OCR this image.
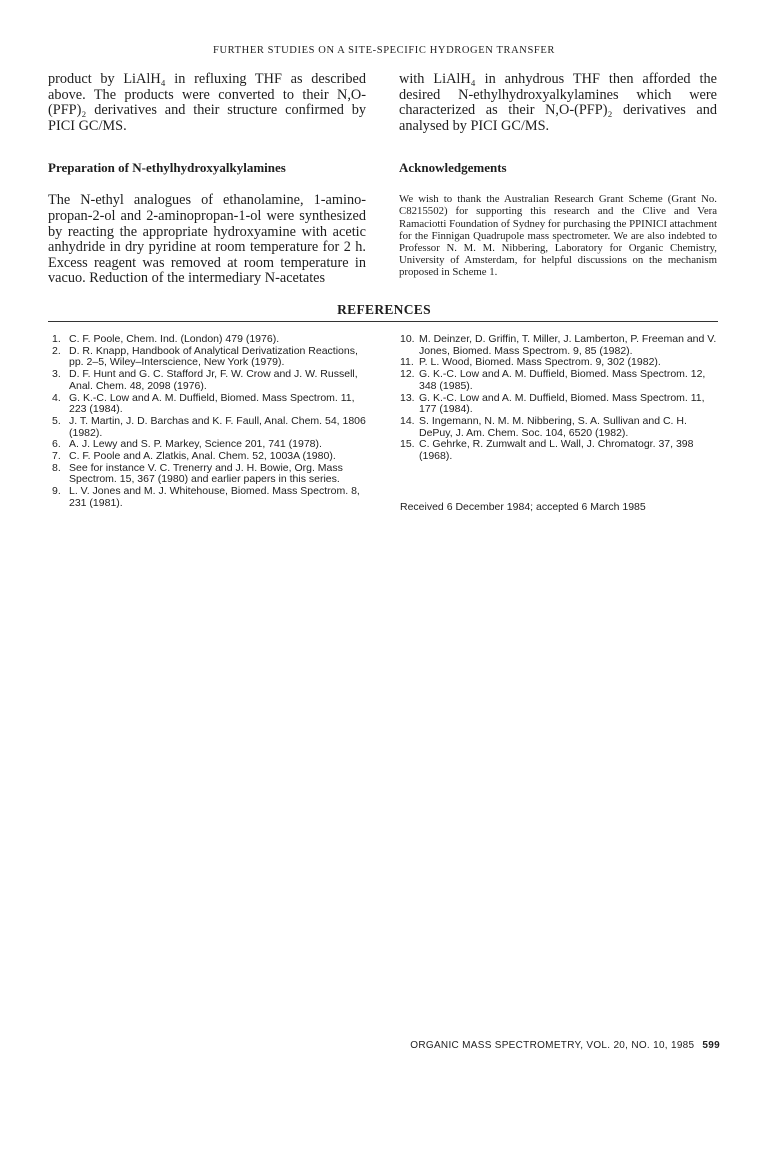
FURTHER STUDIES ON A SITE-SPECIFIC HYDROGEN TRANSFER

product by LiAlH₄ in refluxing THF as described above. The products were converted to their N,O-(PFP)₂ derivatives and their structure confirmed by PICI GC/MS.

Preparation of N-ethylhydroxyalkylamines

The N-ethyl analogues of ethanolamine, 1-amino-propan-2-ol and 2-aminopropan-1-ol were synthesized by reacting the appropriate hydroxyamine with acetic anhydride in dry pyridine at room temperature for 2 h. Excess reagent was removed at room temperature in vacuo. Reduction of the intermediary N-acetates

with LiAlH₄ in anhydrous THF then afforded the desired N-ethylhydroxyalkylamines which were characterized as their N,O-(PFP)₂ derivatives and analysed by PICI GC/MS.

Acknowledgements

We wish to thank the Australian Research Grant Scheme (Grant No. C8215502) for supporting this research and the Clive and Vera Ramaciotti Foundation of Sydney for purchasing the PPINICI attachment for the Finnigan Quadrupole mass spectrometer. We are also indebted to Professor N. M. M. Nibbering, Laboratory for Organic Chemistry, University of Amsterdam, for helpful discussions on the mechanism proposed in Scheme 1.

REFERENCES
1. C. F. Poole, Chem. Ind. (London) 479 (1976).
2. D. R. Knapp, Handbook of Analytical Derivatization Reactions, pp. 2–5, Wiley–Interscience, New York (1979).
3. D. F. Hunt and G. C. Stafford Jr, F. W. Crow and J. W. Russell, Anal. Chem. 48, 2098 (1976).
4. G. K.-C. Low and A. M. Duffield, Biomed. Mass Spectrom. 11, 223 (1984).
5. J. T. Martin, J. D. Barchas and K. F. Faull, Anal. Chem. 54, 1806 (1982).
6. A. J. Lewy and S. P. Markey, Science 201, 741 (1978).
7. C. F. Poole and A. Zlatkis, Anal. Chem. 52, 1003A (1980).
8. See for instance V. C. Trenerry and J. H. Bowie, Org. Mass Spectrom. 15, 367 (1980) and earlier papers in this series.
9. L. V. Jones and M. J. Whitehouse, Biomed. Mass Spectrom. 8, 231 (1981).
10. M. Deinzer, D. Griffin, T. Miller, J. Lamberton, P. Freeman and V. Jones, Biomed. Mass Spectrom. 9, 85 (1982).
11. P. L. Wood, Biomed. Mass Spectrom. 9, 302 (1982).
12. G. K.-C. Low and A. M. Duffield, Biomed. Mass Spectrom. 12, 348 (1985).
13. G. K.-C. Low and A. M. Duffield, Biomed. Mass Spectrom. 11, 177 (1984).
14. S. Ingemann, N. M. M. Nibbering, S. A. Sullivan and C. H. DePuy, J. Am. Chem. Soc. 104, 6520 (1982).
15. C. Gehrke, R. Zumwalt and L. Wall, J. Chromatogr. 37, 398 (1968).
Received 6 December 1984; accepted 6 March 1985
ORGANIC MASS SPECTROMETRY, VOL. 20, NO. 10, 1985 599
